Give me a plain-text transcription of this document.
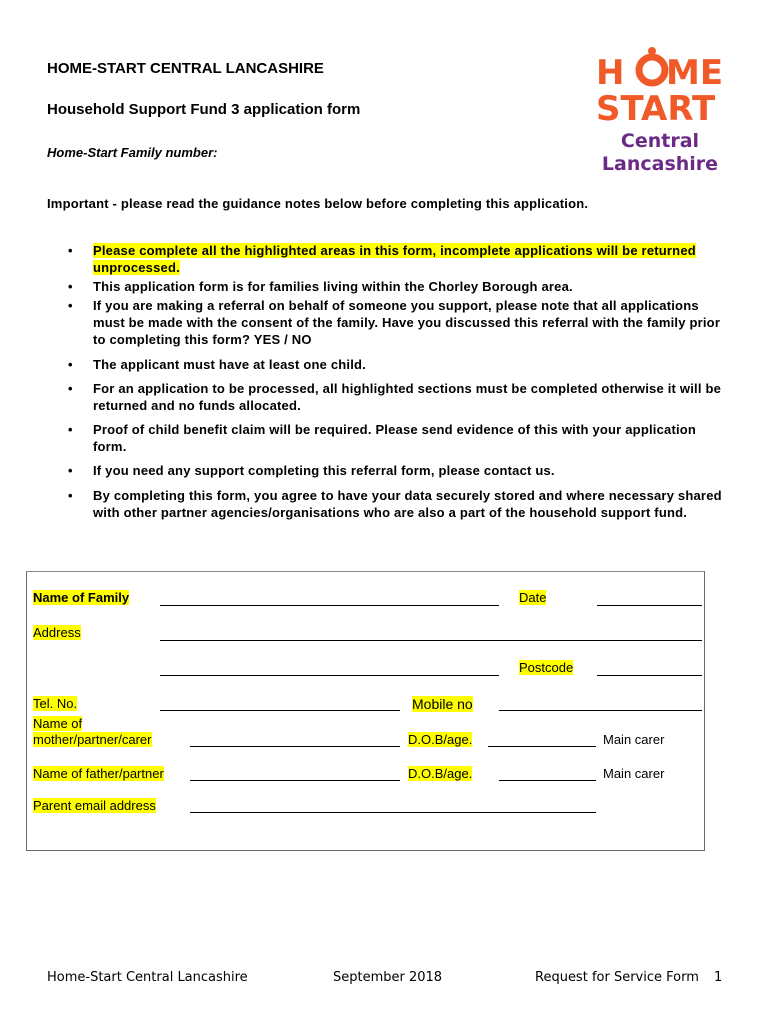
HOME-START CENTRAL LANCASHIRE
Household Support Fund 3 application form
Home-Start Family number:
H ME
START
Central
Lancashire
Important - please read the guidance notes below before completing this application.
• Please complete all the highlighted areas in this form, incomplete applications will be returned unprocessed.
• This application form is for families living within the Chorley Borough area.
• If you are making a referral on behalf of someone you support, please note that all applications must be made with the consent of the family. Have you discussed this referral with the family prior to completing this form? YES / NO
• The applicant must have at least one child.
• For an application to be processed, all highlighted sections must be completed otherwise it will be returned and no funds allocated.
• Proof of child benefit claim will be required. Please send evidence of this with your application form.
• If you need any support completing this referral form, please contact us.
• By completing this form, you agree to have your data securely stored and where necessary shared with other partner agencies/organisations who are also a part of the household support fund.
Name of Family	Date
Address
Postcode
Tel. No.	Mobile no
Name of
mother/partner/carer	D.O.B/age.	Main carer
Name of father/partner	D.O.B/age.	Main carer
Parent email address
Home-Start Central Lancashire	September 2018	Request for Service Form 1
